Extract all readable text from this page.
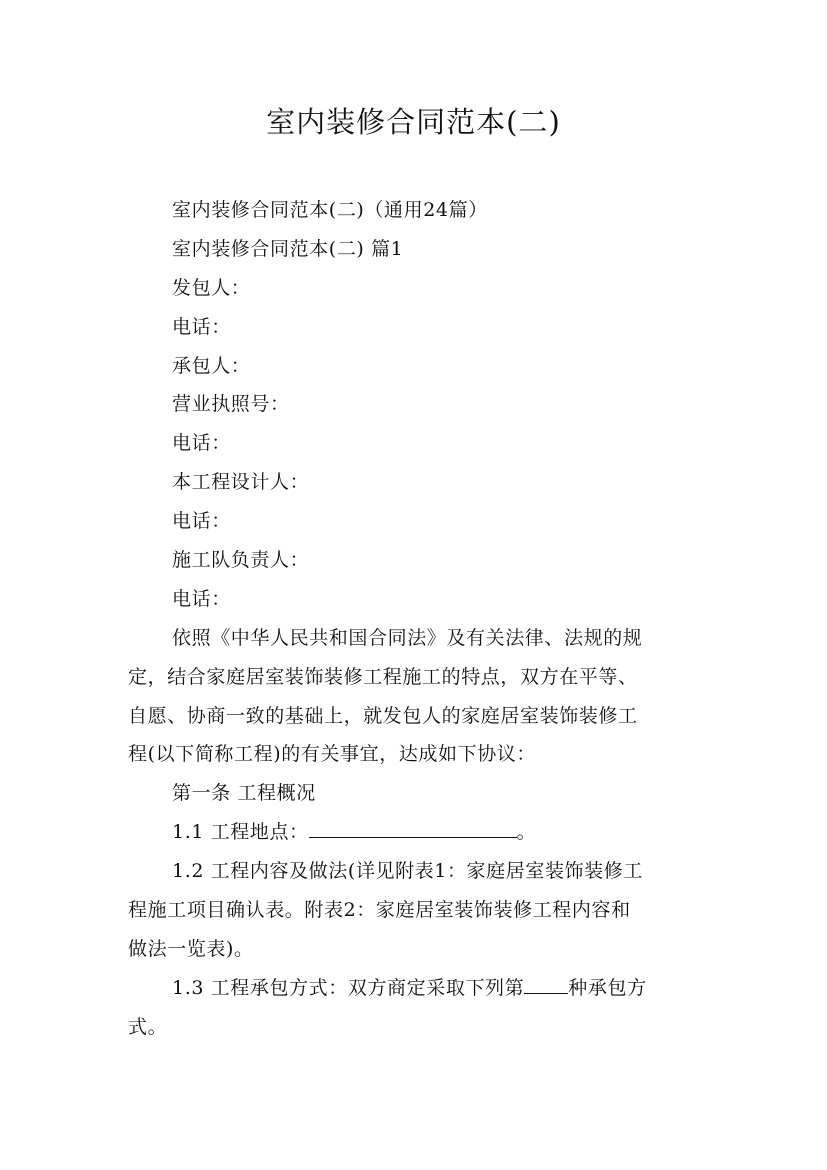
室内装修合同范本(二)
室内装修合同范本(二)（通用24篇）
室内装修合同范本(二) 篇1
发包人：
电话：
承包人：
营业执照号：
电话：
本工程设计人：
电话：
施工队负责人：
电话：
依照《中华人民共和国合同法》及有关法律、法规的规
定，结合家庭居室装饰装修工程施工的特点，双方在平等、
自愿、协商一致的基础上，就发包人的家庭居室装饰装修工
程(以下简称工程)的有关事宜，达成如下协议：
第一条 工程概况
1.1 工程地点：	。
1.2 工程内容及做法(详见附表1：家庭居室装饰装修工
程施工项目确认表。附表2：家庭居室装饰装修工程内容和
做法一览表)。
1.3 工程承包方式：双方商定采取下列第 种承包方
式。
